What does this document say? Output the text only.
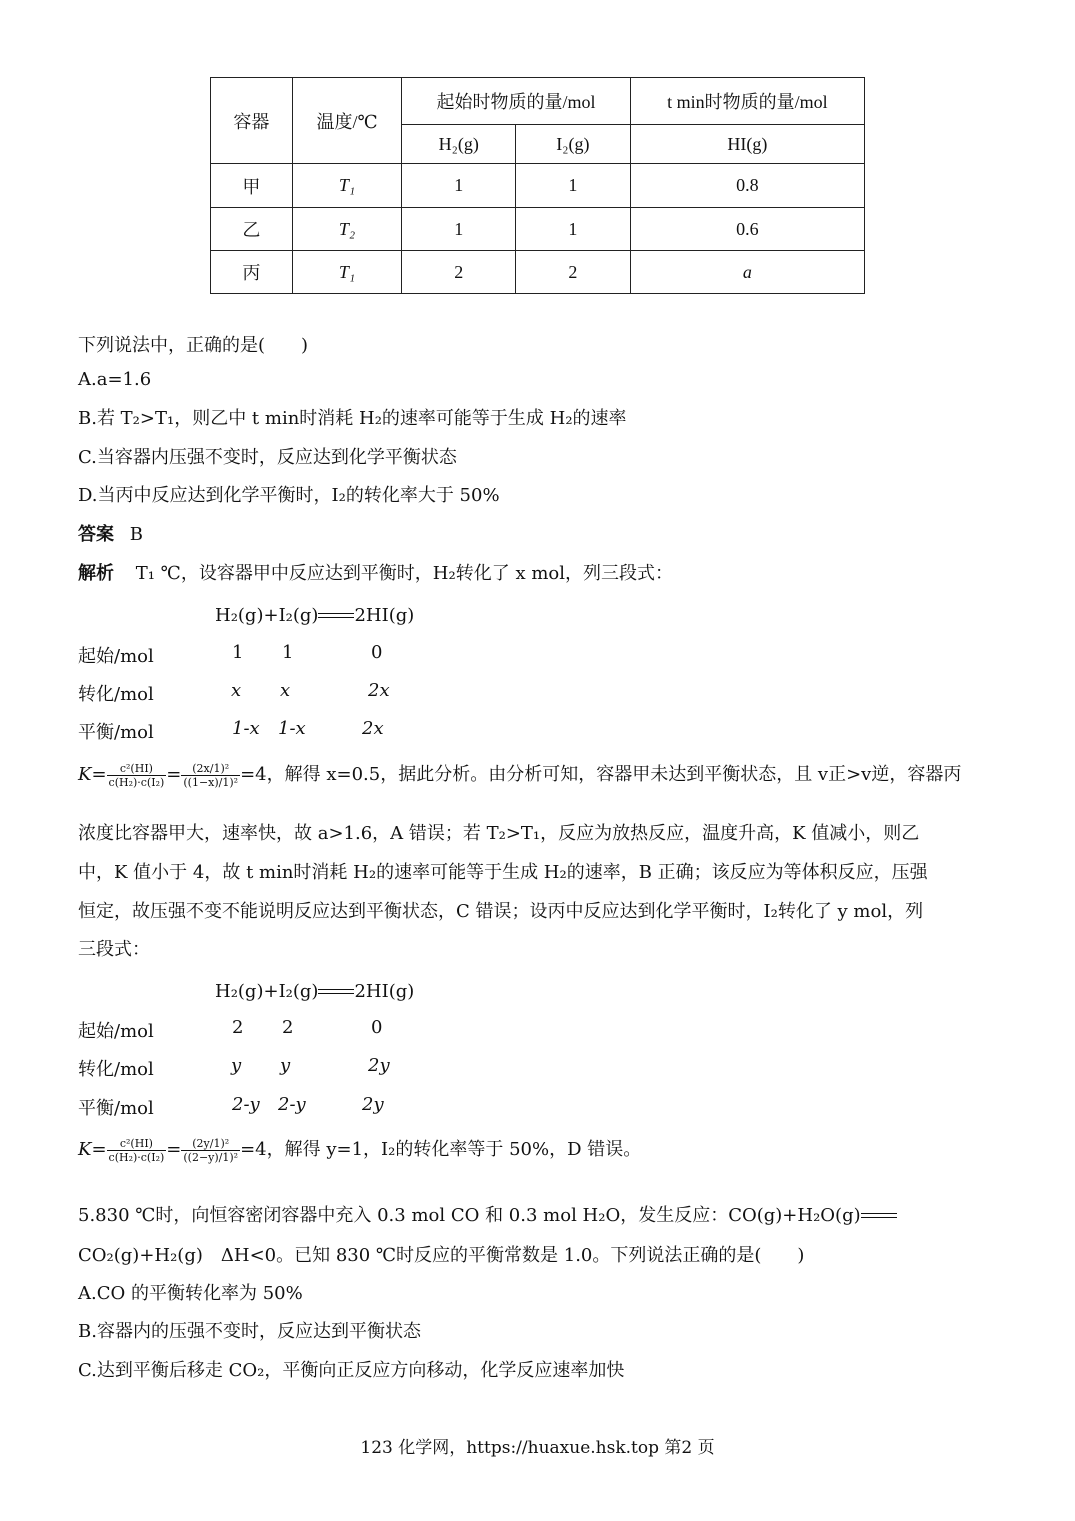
容器	温度/℃	起始时物质的量/mol		t min时物质的量/mol
		H₂(g)	I₂(g)	HI(g)
甲	T₁	1	1	0.8
乙	T₂	1	1	0.6
丙	T₁	2	2	a
下列说法中，正确的是(　　)
A.a=1.6
B.若 T₂>T₁，则乙中 t min时消耗 H₂的速率可能等于生成 H₂的速率
C.当容器内压强不变时，反应达到化学平衡状态
D.当丙中反应达到化学平衡时，I₂的转化率大于 50%
答案 B
解析 T₁ ℃，设容器甲中反应达到平衡时，H₂转化了 x mol，列三段式：
H₂(g)+I₂(g) 2HI(g)
起始/mol	1 1	0
转化/mol	x x	2x
平衡/mol	1-x 1-x	2x
$K= \frac{\text{c²(HI)}}{\text{c(H₂)·c(I₂)}} = \frac{\text{(2x/1)²}}{\text{((1−x)/1)²}} =4$，解得 x=0.5，据此分析。由分析可知，容器甲未达到平衡状态，且 v正>v逆，容器丙
浓度比容器甲大，速率快，故 a>1.6，A 错误；若 T₂>T₁，反应为放热反应，温度升高，K 值减小，则乙
中，K 值小于 4，故 t min时消耗 H₂的速率可能等于生成 H₂的速率，B 正确；该反应为等体积反应，压强
恒定，故压强不变不能说明反应达到平衡状态，C 错误；设丙中反应达到化学平衡时，I₂转化了 y mol，列
三段式：
H₂(g)+I₂(g) 2HI(g)
起始/mol	2 2	0
转化/mol	y y	2y
平衡/mol	2-y 2-y	2y
$K= \frac{\text{c²(HI)}}{\text{c(H₂)·c(I₂)}} = \frac{\text{(2y/1)²}}{\text{((2−y)/1)²}} =4$，解得 y=1，I₂的转化率等于 50%，D 错误。
5.830 ℃时，向恒容密闭容器中充入 0.3 mol CO 和 0.3 mol H₂O，发生反应：CO(g)+H₂O(g)
CO₂(g)+H₂(g)　ΔH<0。已知 830 ℃时反应的平衡常数是 1.0。下列说法正确的是(　　)
A.CO 的平衡转化率为 50%
B.容器内的压强不变时，反应达到平衡状态
C.达到平衡后移走 CO₂，平衡向正反应方向移动，化学反应速率加快
123 化学网，https://huaxue.hsk.top 第2 页
